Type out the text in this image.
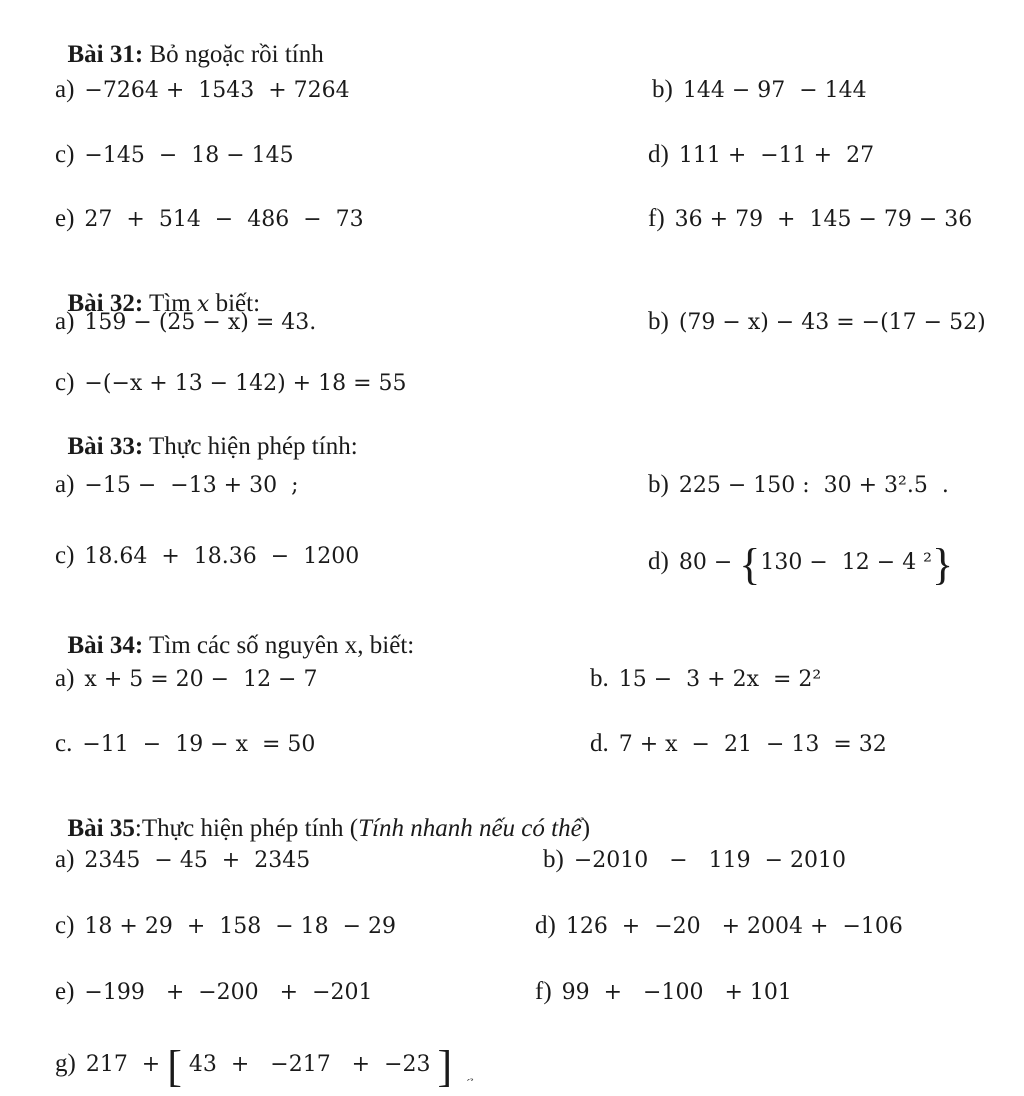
Bài 31: Bỏ ngoặc rồi tính

a) −7264 +  1543  + 7264	b) 144 − 97  − 144
c) −145  −  18 − 145	d) 111 +  −11 +  27
e) 27  +  514  −  486  −  73	f) 36 + 79  +  145 − 79 − 36

Bài 32: Tìm x biết:

a) 159 − (25 − x) = 43.	b) (79 − x) − 43 = −(17 − 52)
c) −(−x + 13 − 142) + 18 = 55

Bài 33: Thực hiện phép tính:

a) −15 −  −13 + 30  ;	b) 225 − 150 :  30 + 3².5  .
c) 18.64  +  18.36  −  1200	d) 80 − {130 −  12 − 4 ²}

Bài 34: Tìm các số nguyên x, biết:

a) x + 5 = 20 −  12 − 7	b. 15 −  3 + 2x  = 2²
c. −11  −  19 − x  = 50	d. 7 + x  −  21  − 13  = 32

Bài 35:Thực hiện phép tính (Tính nhanh nếu có thể)

a) 2345  − 45  +  2345	b) −2010   −   119  − 2010
c) 18 + 29  +  158  − 18  − 29	d) 126  +  −20   + 2004 +  −106
e) −199   +  −200   +  −201	f) 99  +   −100   + 101
g) 217  + [ 43  +   −217   +  −23 ] ́ ̉
